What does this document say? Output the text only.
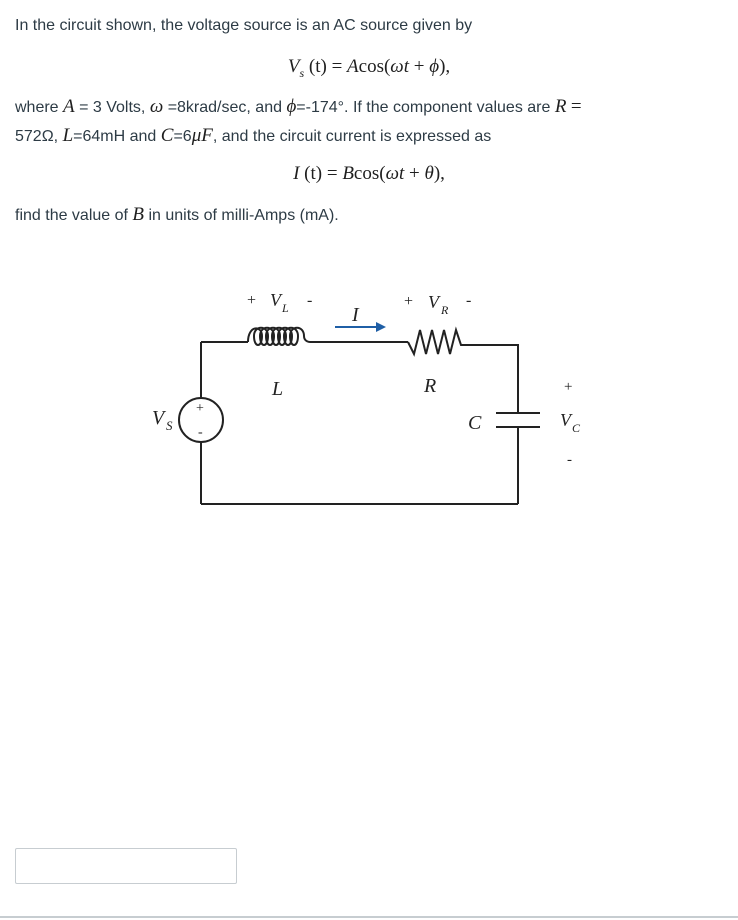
In the circuit shown, the voltage source is an AC source given by
$V_s$ (t) = Acos(ωt + ϕ),
where A = 3 Volts, ω =8krad/sec, and ϕ=-174°. If the component values are R =
572Ω, L=64mH and C=6μF, and the circuit current is expressed as
I (t) = Bcos(ωt + θ),
find the value of B in units of milli-Amps (mA).
V S
+
-
+ V L -
L
I
+ V R
-
R
C
+
V C
-
